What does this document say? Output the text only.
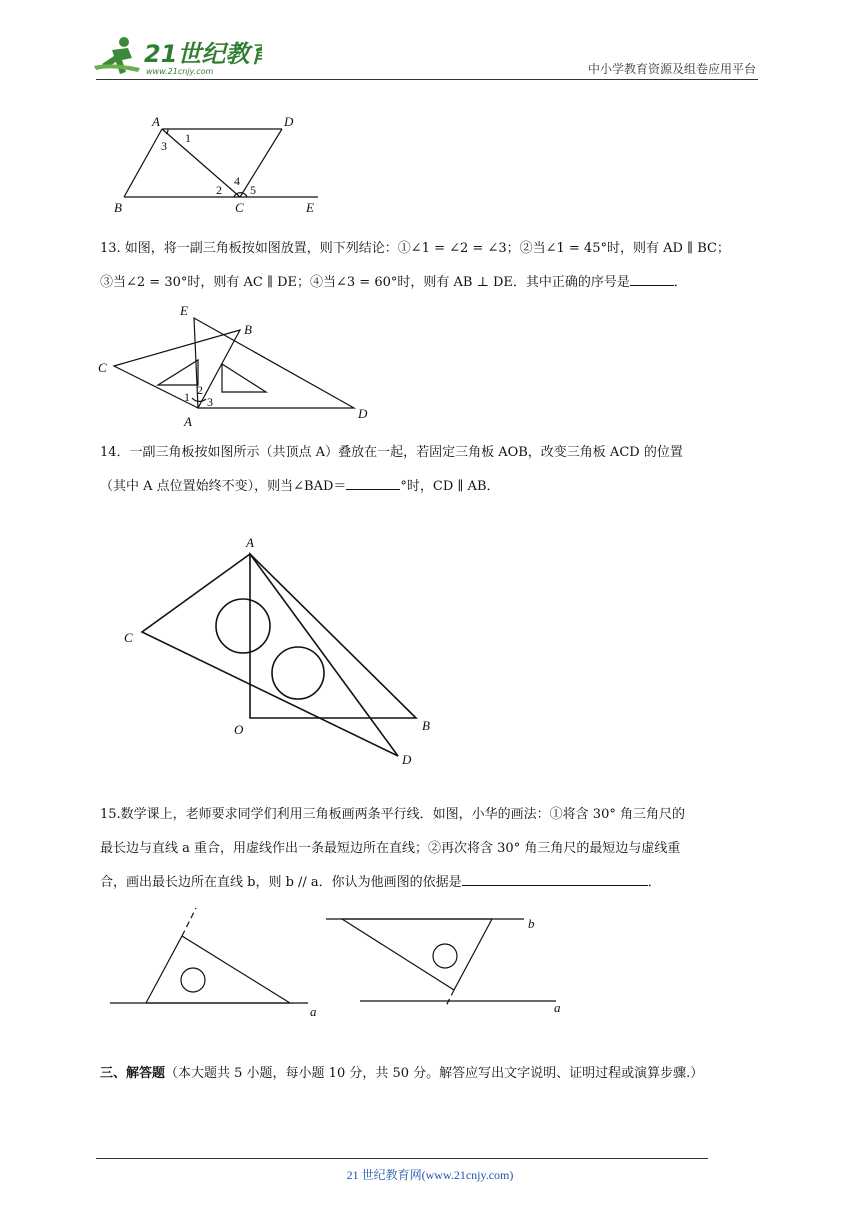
21世纪教育
www.21cnjy.com	中小学教育资源及组卷应用平台
A	D
B	C	E
1
3
2
4
5
13. 如图，将一副三角板按如图放置，则下列结论：①∠1 = ∠2 = ∠3；②当∠1 = 45°时，则有 AD ∥ BC；
③当∠2 = 30°时，则有 AC ∥ DE；④当∠3 = 60°时，则有 AB ⊥ DE．其中正确的序号是	．
E
B
C
A
D
1 2
3
14．一副三角板按如图所示（共顶点 A）叠放在一起，若固定三角板 AOB，改变三角板 ACD 的位置
（其中 A 点位置始终不变），则当∠BAD＝	°时，CD ∥ AB．
A
C
O	B
D
15.数学课上，老师要求同学们利用三角板画两条平行线．如图，小华的画法：①将含 30° 角三角尺的
最长边与直线 a 重合，用虚线作出一条最短边所在直线；②再次将含 30° 角三角尺的最短边与虚线重
合，画出最长边所在直线 b，则 b // a．你认为他画图的依据是	．
a
b
a
三、解答题（本大题共 5 小题，每小题 10 分，共 50 分。解答应写出文字说明、证明过程或演算步骤.）
21 世纪教育网(www.21cnjy.com)
